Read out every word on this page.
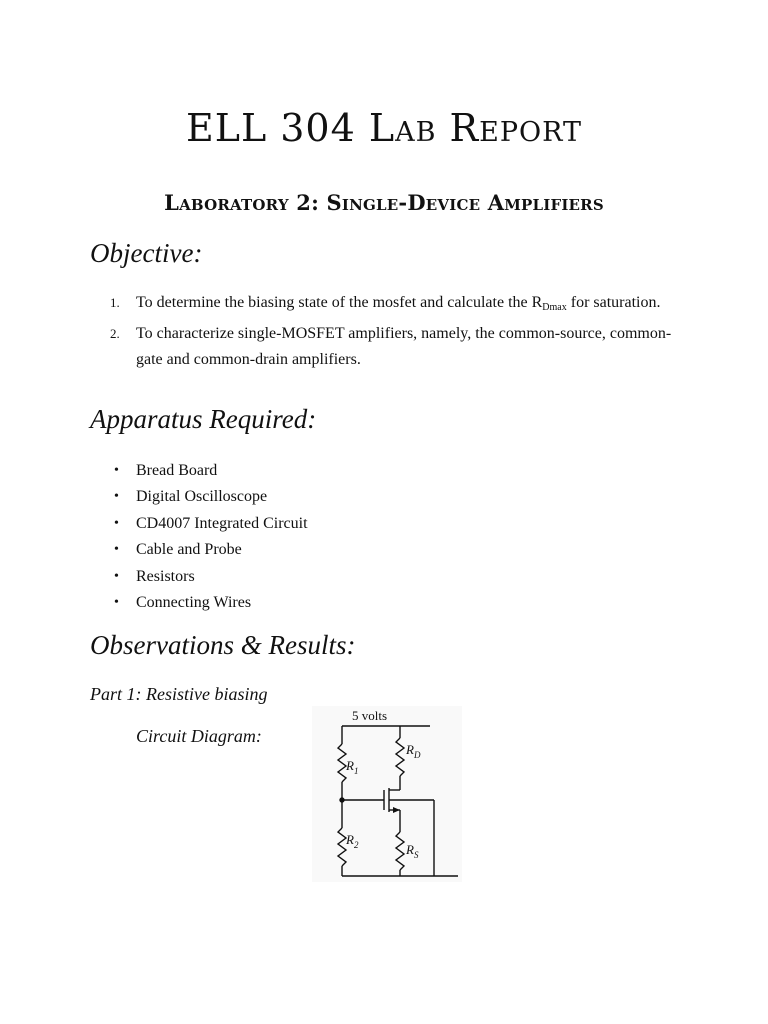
ELL 304 Lab Report
Laboratory 2: Single-Device Amplifiers
Objective:
1. To determine the biasing state of the mosfet and calculate the $R_{Dmax}$ for saturation.
2. To characterize single-MOSFET amplifiers, namely, the common-source, common-gate and common-drain amplifiers.
Apparatus Required:
• Bread Board
• Digital Oscilloscope
• CD4007 Integrated Circuit
• Cable and Probe
• Resistors
• Connecting Wires
Observations & Results:

Part 1: Resistive biasing

Circuit Diagram:

5 volts
$R_1$
$R_2$
$R_D$
$R_S$
